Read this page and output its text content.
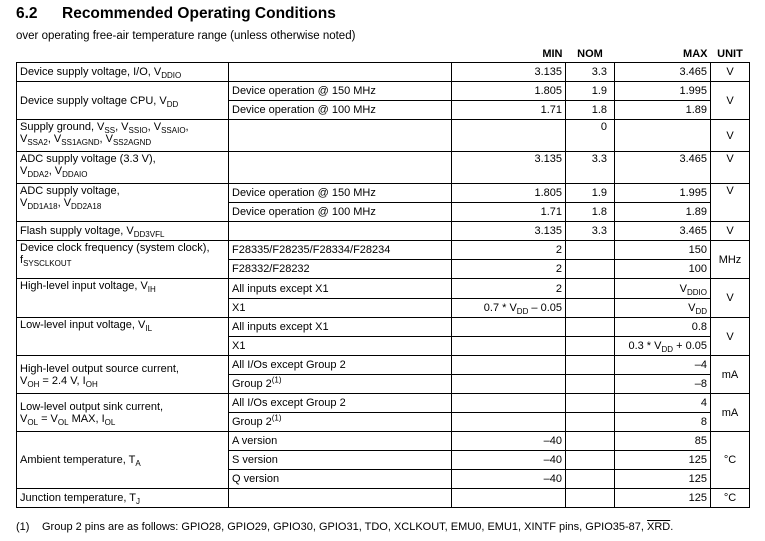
6.2 Recommended Operating Conditions
over operating free-air temperature range (unless otherwise noted)
		MIN	NOM	MAX	UNIT
Device supply voltage, I/O, $V_{DDIO}$		3.135	3.3	3.465	V
Device supply voltage CPU, $V_{DD}$	Device operation @ 150 MHz	1.805	1.9	1.995	V
	Device operation @ 100 MHz	1.71	1.8	1.89	
Supply ground, $V_{SS}$, $V_{SSIO}$, $V_{SSAIO}$,
$V_{SSA2}$, $V_{SS1AGND}$, $V_{SS2AGND}$			0		V
ADC supply voltage (3.3 V),
$V_{DDA2}$, $V_{DDAIO}$		3.135	3.3	3.465	V
ADC supply voltage,
$V_{DD1A18}$, $V_{DD2A18}$	Device operation @ 150 MHz	1.805	1.9	1.995	V
	Device operation @ 100 MHz	1.71	1.8	1.89	
Flash supply voltage, $V_{DD3VFL}$		3.135	3.3	3.465	V
Device clock frequency (system clock),
$f_{SYSCLKOUT}$	F28335/F28235/F28334/F28234	2		150	MHz
	F28332/F28232	2		100	
High-level input voltage, $V_{IH}$	All inputs except X1	2		$V_{DDIO}$	V
	X1	$0.7 * V_{DD} - 0.05$		$V_{DD}$
Low-level input voltage, $V_{IL}$	All inputs except X1			0.8	V
	X1			$0.3 * V_{DD} + 0.05$	
High-level output source current,
$V_{OH} = 2.4$ V, $I_{OH}$	All I/Os except Group 2			–4	mA
	Group 2$^{(1)}$			–8	
Low-level output sink current,
$V_{OL} = V_{OL}$ MAX, $I_{OL}$	All I/Os except Group 2			4	mA
	Group 2$^{(1)}$			8	
Ambient temperature, $T_A$	A version	–40		85	°C
	S version	–40		125	
	Q version	–40		125	
Junction temperature, $T_J$				125	°C
(1) Group 2 pins are as follows: GPIO28, GPIO29, GPIO30, GPIO31, TDO, XCLKOUT, EMU0, EMU1, XINTF pins, GPIO35-87, $\overline{XRD}$.
